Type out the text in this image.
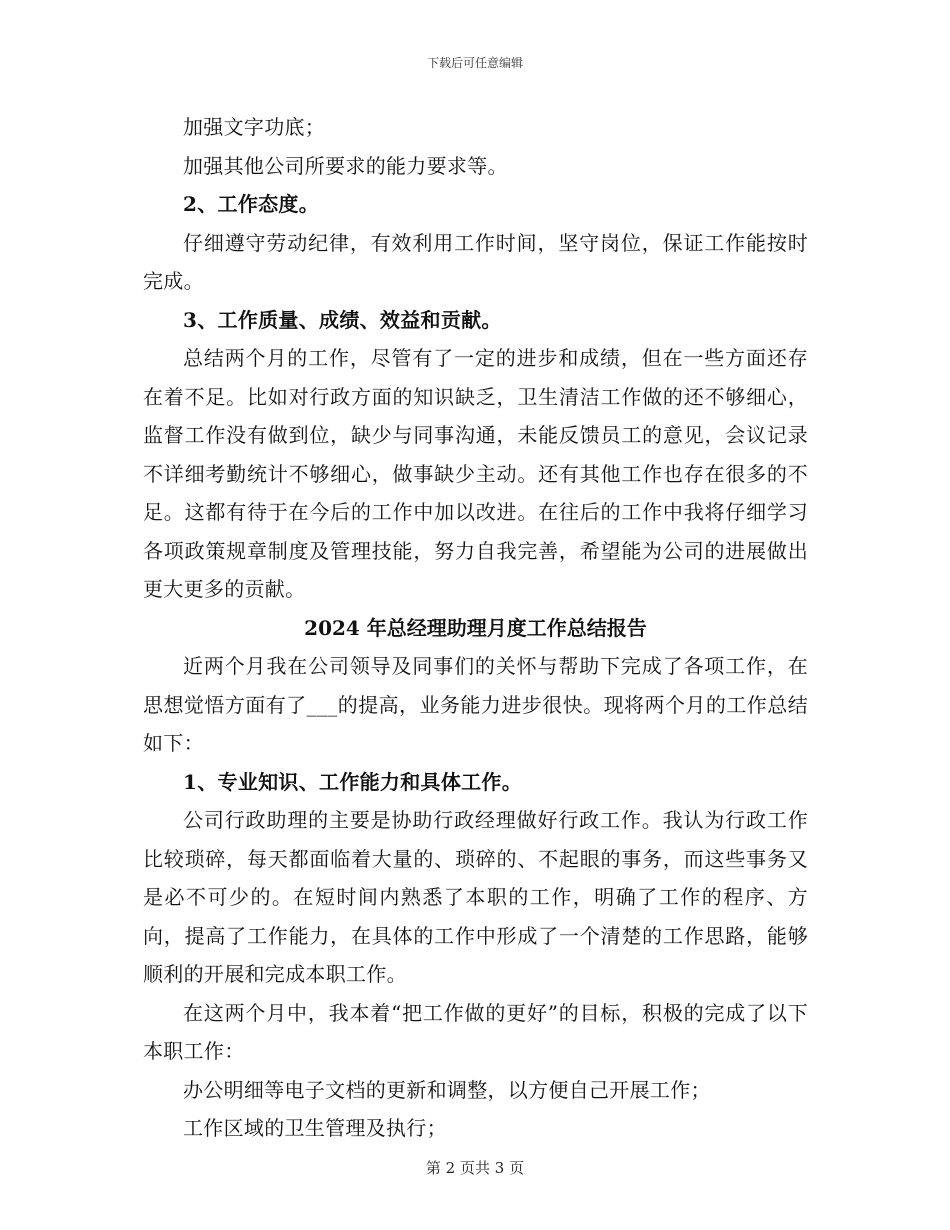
下载后可任意编辑

加强文字功底；

加强其他公司所要求的能力要求等。

2、工作态度。

仔细遵守劳动纪律，有效利用工作时间，坚守岗位，保证工作能按时完成。

3、工作质量、成绩、效益和贡献。

总结两个月的工作，尽管有了一定的进步和成绩，但在一些方面还存在着不足。比如对行政方面的知识缺乏，卫生清洁工作做的还不够细心，监督工作没有做到位，缺少与同事沟通，未能反馈员工的意见，会议记录不详细考勤统计不够细心，做事缺少主动。还有其他工作也存在很多的不足。这都有待于在今后的工作中加以改进。在往后的工作中我将仔细学习各项政策规章制度及管理技能，努力自我完善，希望能为公司的进展做出更大更多的贡献。

2024 年总经理助理月度工作总结报告

近两个月我在公司领导及同事们的关怀与帮助下完成了各项工作，在思想觉悟方面有了___的提高，业务能力进步很快。现将两个月的工作总结如下：

1、专业知识、工作能力和具体工作。

公司行政助理的主要是协助行政经理做好行政工作。我认为行政工作比较琐碎，每天都面临着大量的、琐碎的、不起眼的事务，而这些事务又是必不可少的。在短时间内熟悉了本职的工作，明确了工作的程序、方向，提高了工作能力，在具体的工作中形成了一个清楚的工作思路，能够顺利的开展和完成本职工作。

在这两个月中，我本着“把工作做的更好”的目标，积极的完成了以下本职工作：

办公明细等电子文档的更新和调整，以方便自己开展工作；

工作区域的卫生管理及执行；

第 2 页共 3 页
